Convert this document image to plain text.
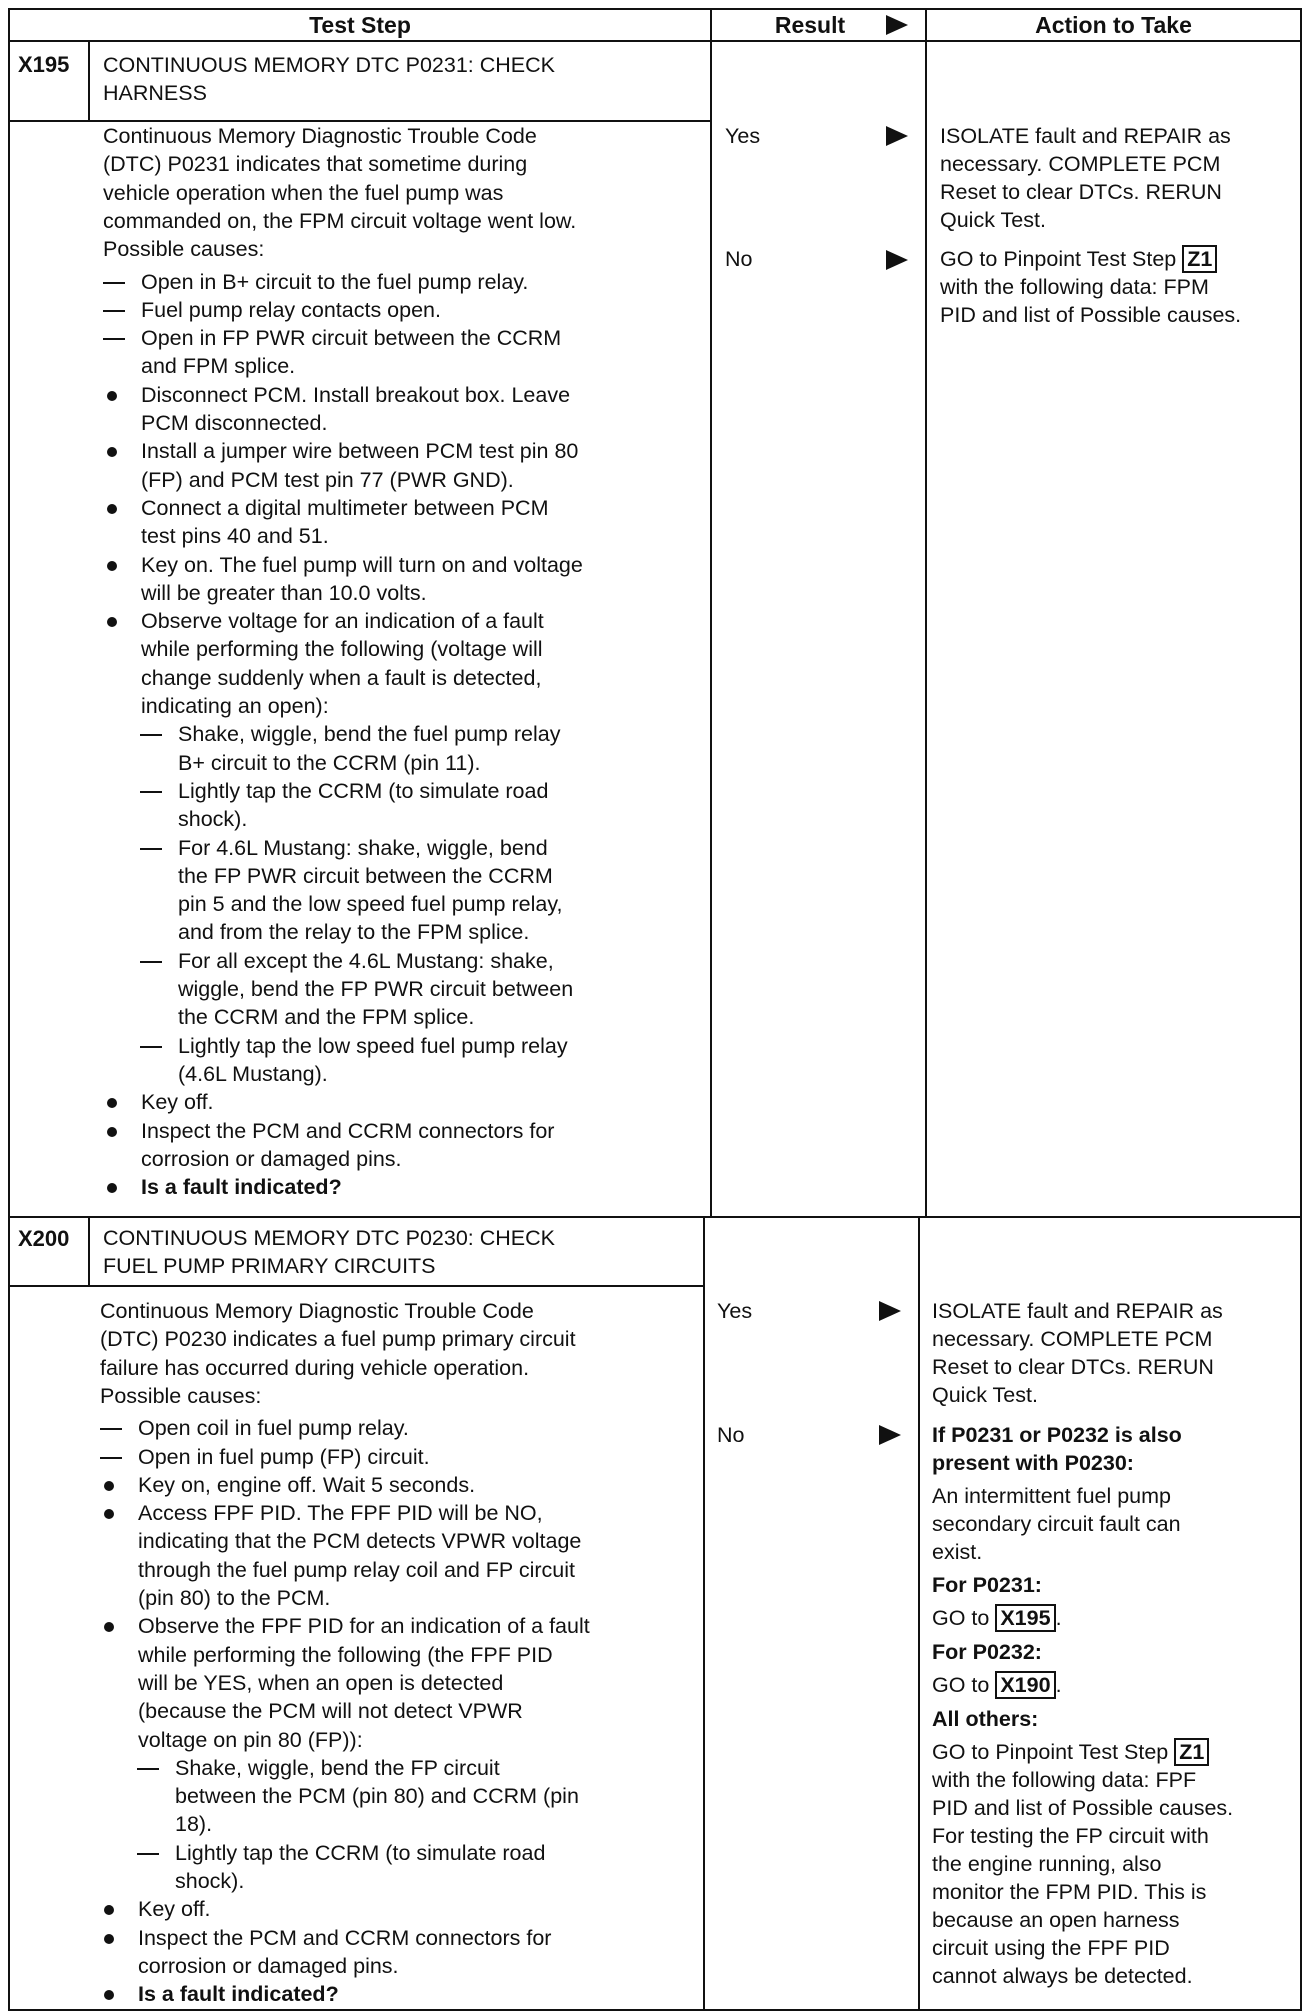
Test Step	Result	Action to Take
X195 CONTINUOUS MEMORY DTC P0231: CHECK
HARNESS
X200 CONTINUOUS MEMORY DTC P0230: CHECK
FUEL PUMP PRIMARY CIRCUITS
Continuous Memory Diagnostic Trouble Code
(DTC) P0231 indicates that sometime during
vehicle operation when the fuel pump was
commanded on, the FPM circuit voltage went low.
Possible causes:
Open in B+ circuit to the fuel pump relay.
Fuel pump relay contacts open.
Open in FP PWR circuit between the CCRM
and FPM splice.
Disconnect PCM. Install breakout box. Leave
PCM disconnected.
Install a jumper wire between PCM test pin 80
(FP) and PCM test pin 77 (PWR GND).
Connect a digital multimeter between PCM
test pins 40 and 51.
Key on. The fuel pump will turn on and voltage
will be greater than 10.0 volts.
Observe voltage for an indication of a fault
while performing the following (voltage will
change suddenly when a fault is detected,
indicating an open):
Shake, wiggle, bend the fuel pump relay
B+ circuit to the CCRM (pin 11).
Lightly tap the CCRM (to simulate road
shock).
For 4.6L Mustang: shake, wiggle, bend
the FP PWR circuit between the CCRM
pin 5 and the low speed fuel pump relay,
and from the relay to the FPM splice.
For all except the 4.6L Mustang: shake,
wiggle, bend the FP PWR circuit between
the CCRM and the FPM splice.
Lightly tap the low speed fuel pump relay
(4.6L Mustang).
Key off.
Inspect the PCM and CCRM connectors for
corrosion or damaged pins.
Is a fault indicated?
Continuous Memory Diagnostic Trouble Code
(DTC) P0230 indicates a fuel pump primary circuit
failure has occurred during vehicle operation.
Possible causes:
Open coil in fuel pump relay.
Open in fuel pump (FP) circuit.
Key on, engine off. Wait 5 seconds.
Access FPF PID. The FPF PID will be NO,
indicating that the PCM detects VPWR voltage
through the fuel pump relay coil and FP circuit
(pin 80) to the PCM.
Observe the FPF PID for an indication of a fault
while performing the following (the FPF PID
will be YES, when an open is detected
(because the PCM will not detect VPWR
voltage on pin 80 (FP)):
Shake, wiggle, bend the FP circuit
between the PCM (pin 80) and CCRM (pin
18).
Lightly tap the CCRM (to simulate road
shock).
Key off.
Inspect the PCM and CCRM connectors for
corrosion or damaged pins.
Is a fault indicated?
Yes
No
ISOLATE fault and REPAIR as
necessary. COMPLETE PCM
Reset to clear DTCs. RERUN
Quick Test.
GO to Pinpoint Test Step Z1
with the following data: FPM
PID and list of Possible causes.
Yes
No
ISOLATE fault and REPAIR as
necessary. COMPLETE PCM
Reset to clear DTCs. RERUN
Quick Test.
If P0231 or P0232 is also
present with P0230:
An intermittent fuel pump
secondary circuit fault can
exist.
For P0231:
GO to X195 .
For P0232:
GO to X190 .
All others:
GO to Pinpoint Test Step Z1
with the following data: FPF
PID and list of Possible causes.
For testing the FP circuit with
the engine running, also
monitor the FPM PID. This is
because an open harness
circuit using the FPF PID
cannot always be detected.
